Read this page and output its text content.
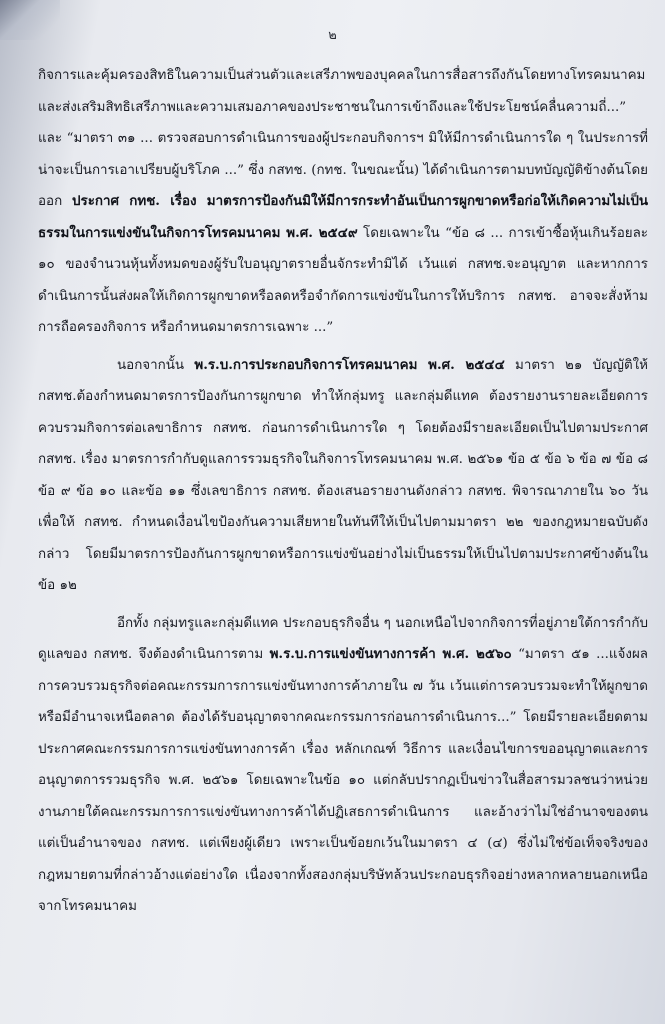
๒

กิจการและคุ้มครองสิทธิในความเป็นส่วนตัวและเสรีภาพของบุคคลในการสื่อสารถึงกันโดยทางโทรคมนาคมและส่งเสริมสิทธิเสรีภาพและความเสมอภาคของประชาชนในการเข้าถึงและใช้ประโยชน์คลื่นความถี่...” และ “มาตรา ๓๑ ... ตรวจสอบการดำเนินการของผู้ประกอบกิจการฯ มิให้มีการดำเนินการใด ๆ ในประการที่น่าจะเป็นการเอาเปรียบผู้บริโภค ...” ซึ่ง กสทช. (กทช. ในขณะนั้น) ได้ดำเนินการตามบทบัญญัติข้างต้นโดยออก ประกาศ กทช. เรื่อง มาตรการป้องกันมิให้มีการกระทำอันเป็นการผูกขาดหรือก่อให้เกิดความไม่เป็นธรรมในการแข่งขันในกิจการโทรคมนาคม พ.ศ. ๒๕๔๙ โดยเฉพาะใน “ข้อ ๘ ... การเข้าซื้อหุ้นเกินร้อยละ ๑๐ ของจำนวนหุ้นทั้งหมดของผู้รับใบอนุญาตรายอื่นจักระทำมิได้ เว้นแต่ กสทช.จะอนุญาต และหากการดำเนินการนั้นส่งผลให้เกิดการผูกขาดหรือลดหรือจำกัดการแข่งขันในการให้บริการ กสทช. อาจจะสั่งห้ามการถือครองกิจการ หรือกำหนดมาตรการเฉพาะ ...”

นอกจากนั้น พ.ร.บ.การประกอบกิจการโทรคมนาคม พ.ศ. ๒๕๔๔ มาตรา ๒๑ บัญญัติให้ กสทช.ต้องกำหนดมาตรการป้องกันการผูกขาด ทำให้กลุ่มทรู และกลุ่มดีแทค ต้องรายงานรายละเอียดการควบรวมกิจการต่อเลขาธิการ กสทช. ก่อนการดำเนินการใด ๆ โดยต้องมีรายละเอียดเป็นไปตามประกาศ กสทช. เรื่อง มาตรการกำกับดูแลการรวมธุรกิจในกิจการโทรคมนาคม พ.ศ. ๒๕๖๑ ข้อ ๕ ข้อ ๖ ข้อ ๗ ข้อ ๘ ข้อ ๙ ข้อ ๑๐ และข้อ ๑๑ ซึ่งเลขาธิการ กสทช. ต้องเสนอรายงานดังกล่าว กสทช. พิจารณาภายใน ๖๐ วัน เพื่อให้ กสทช. กำหนดเงื่อนไขป้องกันความเสียหายในทันทีให้เป็นไปตามมาตรา ๒๒ ของกฎหมายฉบับดังกล่าว โดยมีมาตรการป้องกันการผูกขาดหรือการแข่งขันอย่างไม่เป็นธรรมให้เป็นไปตามประกาศข้างต้นในข้อ ๑๒

อีกทั้ง กลุ่มทรูและกลุ่มดีแทค ประกอบธุรกิจอื่น ๆ นอกเหนือไปจากกิจการที่อยู่ภายใต้การกำกับดูแลของ กสทช. จึงต้องดำเนินการตาม พ.ร.บ.การแข่งขันทางการค้า พ.ศ. ๒๕๖๐ “มาตรา ๕๑ ...แจ้งผลการควบรวมธุรกิจต่อคณะกรรมการการแข่งขันทางการค้าภายใน ๗ วัน เว้นแต่การควบรวมจะทำให้ผูกขาดหรือมีอำนาจเหนือตลาด ต้องได้รับอนุญาตจากคณะกรรมการก่อนการดำเนินการ...” โดยมีรายละเอียดตามประกาศคณะกรรมการการแข่งขันทางการค้า เรื่อง หลักเกณฑ์ วิธีการ และเงื่อนไขการขออนุญาตและการอนุญาตการรวมธุรกิจ พ.ศ. ๒๕๖๑ โดยเฉพาะในข้อ ๑๐ แต่กลับปรากฏเป็นข่าวในสื่อสารมวลชนว่าหน่วยงานภายใต้คณะกรรมการการแข่งขันทางการค้าได้ปฏิเสธการดำเนินการ และอ้างว่าไม่ใช่อำนาจของตน แต่เป็นอำนาจของ กสทช. แต่เพียงผู้เดียว เพราะเป็นข้อยกเว้นในมาตรา ๔ (๔) ซึ่งไม่ใช่ข้อเท็จจริงของกฎหมายตามที่กล่าวอ้างแต่อย่างใด เนื่องจากทั้งสองกลุ่มบริษัทล้วนประกอบธุรกิจอย่างหลากหลายนอกเหนือจากโทรคมนาคม
